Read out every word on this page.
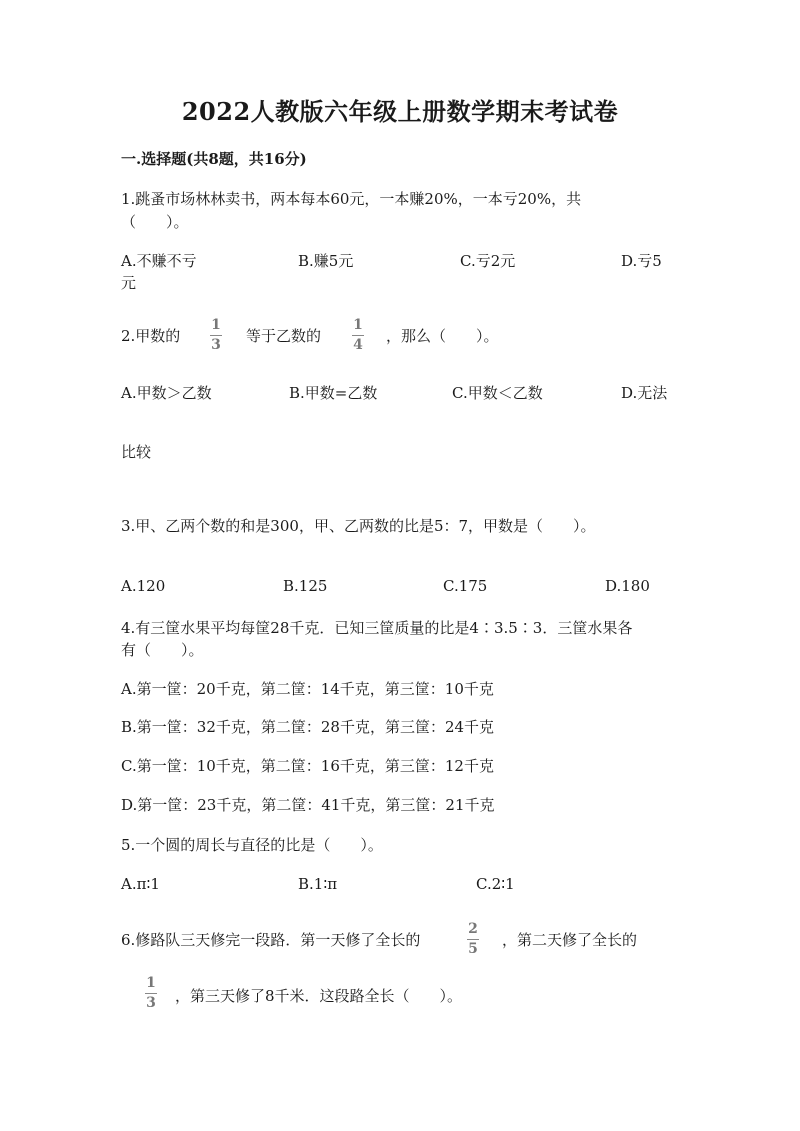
2022人教版六年级上册数学期末考试卷
一.选择题(共8题，共16分)
1.跳蚤市场林林卖书，两本每本60元，一本赚20%，一本亏20%，共
（　　）。
A.不赚不亏	B.赚5元	C.亏2元	D.亏5
元
2.甲数的
1
3 等于乙数的
1
4 ，那么（　　）。
A.甲数＞乙数	B.甲数=乙数	C.甲数＜乙数	D.无法
比较
3.甲、乙两个数的和是300，甲、乙两数的比是5：7，甲数是（　　）。
A.120	B.125	C.175	D.180
4.有三筐水果平均每筐28千克．已知三筐质量的比是4∶3.5∶3．三筐水果各
有（　　）。
A.第一筐：20千克，第二筐：14千克，第三筐：10千克
B.第一筐：32千克，第二筐：28千克，第三筐：24千克
C.第一筐：10千克，第二筐：16千克，第三筐：12千克
D.第一筐：23千克，第二筐：41千克，第三筐：21千克
5.一个圆的周长与直径的比是（　　）。
A.π∶1	B.1∶π	C.2∶1
6.修路队三天修完一段路．第一天修了全长的
2
5 ，第二天修了全长的
1
3 ，第三天修了8千米．这段路全长（　　）。
